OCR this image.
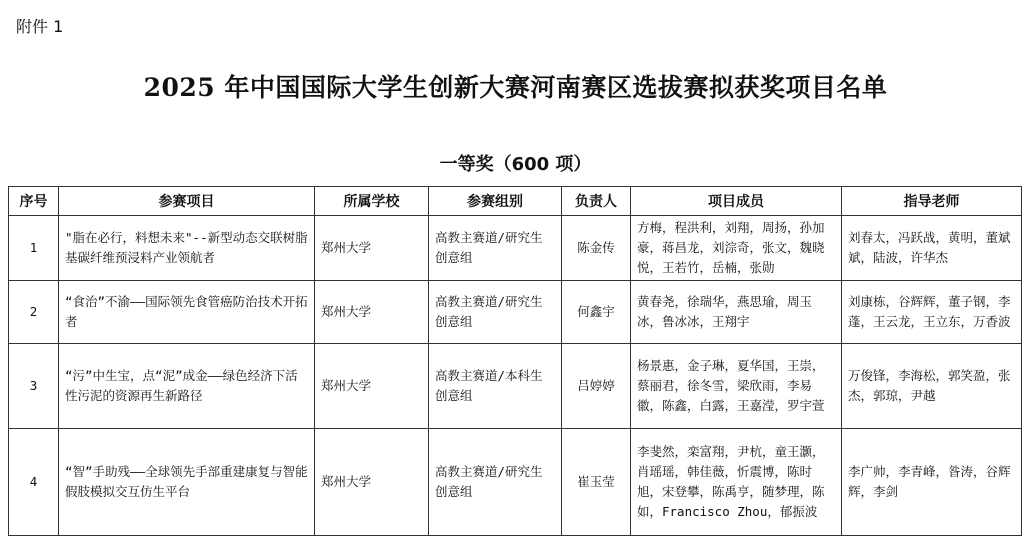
附件 1
2025 年中国国际大学生创新大赛河南赛区选拔赛拟获奖项目名单
一等奖（600 项）
序号	参赛项目	所属学校	参赛组别	负责人	项目成员	指导老师
1	"脂在必行，料想未来"--新型动态交联树脂基碳纤维预浸料产业领航者	郑州大学	高教主赛道/研究生创意组	陈金传	方梅，程洪利，刘翔，周扬，孙加豪，蒋昌龙，刘淙奇，张文，魏晓悦，王若竹，岳楠，张勋	刘春太，冯跃战，黄明，董斌斌，陆波，许华杰
2	“食治”不渝——国际领先食管癌防治技术开拓者	郑州大学	高教主赛道/研究生创意组	何鑫宇	黄春尧，徐瑞华，燕思瑜，周玉冰，鲁冰冰，王翔宇	刘康栋，谷辉辉，董子钢，李蓬，王云龙，王立东，万香波
3	“污”中生宝，点“泥”成金——绿色经济下活性污泥的资源再生新路径	郑州大学	高教主赛道/本科生创意组	吕婷婷	杨景惠，金子琳，夏华国，王崇，蔡丽君，徐冬雪，梁欣雨，李易徽，陈鑫，白露，王嘉滢，罗宇萱	万俊锋，李海松，郭笑盈，张杰，郭琼，尹越
4	“智”手助残——全球领先手部重建康复与智能假肢模拟交互仿生平台	郑州大学	高教主赛道/研究生创意组	崔玉莹	李斐然，栾富翔，尹杭，童王灏，肖瑶瑶，韩佳薇，忻震博，陈时旭，宋登攀，陈禹亨，随梦理，陈如，Francisco Zhou，郁振波	李广帅，李青峰，昝涛，谷辉辉，李剑
